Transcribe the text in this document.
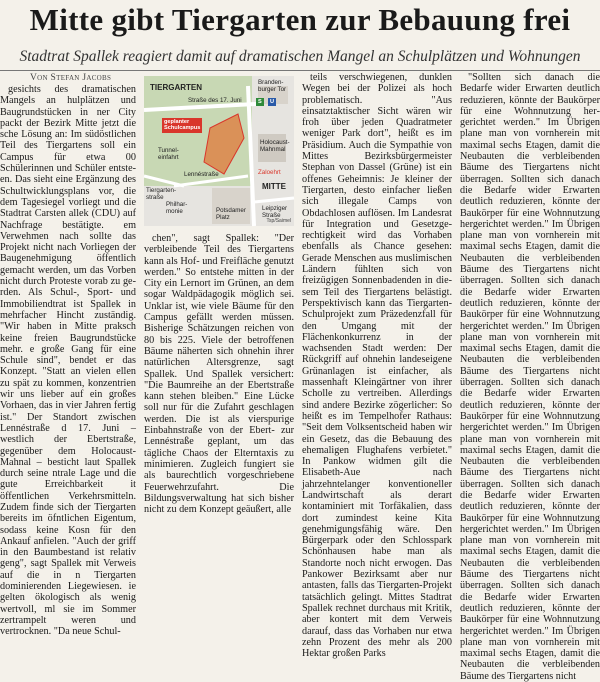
Mitte gibt Tiergarten zur Bebauung frei
Stadtrat Spallek reagiert damit auf dramatischen Mangel an Schulplätzen und Wohnungen
Von Stefan Jacobs

gesichts des dramatischen Mangels an hulplätzen und Baugrundstücken in ner City packt der Bezirk Mitte jetzt die sche Lösung an: Im südöstlichen Teil des Tiergartens soll ein Campus für etwa 00 Schülerinnen und Schüler entsteen. Das sieht eine Ergänzung des Schultwicklungsplans vor, die dem Tagesiegel vorliegt und die Stadtrat Carsten allek (CDU) auf Nachfrage bestätigte. em Verwehmen nach sollte das Projekt nicht nach Vorliegen der Baugenehmigung öffentlich gemacht werden, um das Vorben nicht durch Proteste vorab zu gerden. Als Schul-, Sport- und Immobiliendtrat ist Spallek in mehrfacher Hincht zuständig. "Wir haben in Mitte praksch keine freien Baugrundstücke mehr. e große Gang für eine Schule sind", bendet er das Konzept. "Statt an vielen ellen zu spät zu kommen, konzentrien wir uns lieber auf ein großes Vorhaen, das in vier Jahren fertig ist." Der Standort zwischen Lennéstraße d 17. Juni – westlich der Ebertstraße, gegenüber dem Holocaust-Mahnal – besticht laut Spallek durch seine ntrale Lage und die gute Erreichbarkeit it öffentlichen Verkehrsmitteln. Zudem finde sich der Tiergarten bereits im öfntlichen Eigentum, sodass keine Kosn für den Ankauf anfielen. "Auch der griff in den Baumbestand ist relativ geng", sagt Spallek mit Verweis auf die in n Tiergarten dominierenden Liegewiesen. ie gelten ökologisch als wenig wertvoll, ml sie im Sommer zertrampelt weren und vertrocknen. "Da neue Schul-

TIERGARTEN
Straße des 17. Juni
Branden-
burger Tor
geplanter
Schulcampus
Tunnel-
einfahrt
Lennéstraße
Holocaust-
Mahnmal
Zaloehrt
Tiergarten-
straße
Philhar-
monie	Potsdamer
Platz
MITTE
Leipziger
Straße
S	U
Tsp/Saimel

chen", sagt Spallek: "Der verbleibende Teil des Tiergartens kann als Hof- und Freifläche genutzt werden." So entstehe mitten in der City ein Lernort im Grünen, an dem sogar Waldpädagogik möglich sei. Unklar ist, wie viele Bäume für den Campus gefällt werden müssen. Bisherige Schätzungen reichen von 80 bis 225. Viele der betroffenen Bäume näherten sich ohnehin ihrer natürlichen Altersgrenze, sagt Spallek. Und Spallek versichert: "Die Baumreihe an der Ebertstraße kann stehen bleiben." Eine Lücke soll nur für die Zufahrt geschlagen werden. Die ist als vierspurige Einbahnstraße von der Ebert- zur Lennéstraße geplant, um das tägliche Chaos der Elterntaxis zu minimieren. Zugleich fungiert sie als baurechtlich vorgeschriebene Feuerwehrzufahrt. Die Bildungsverwaltung hat sich bisher nicht zu dem Konzept geäußert, alle

teils verschwiegenen, dunklen Wegen bei der Polizei als hoch problematisch. "Aus einsatztaktischer Sicht wären wir froh über jeden Quadratmeter weniger Park dort", heißt es im Präsidium. Auch die Sympathie von Mittes Bezirksbürgermeister Stephan von Dassel (Grüne) ist ein offenes Geheimnis: Je kleiner der Tiergarten, desto einfacher ließen sich illegale Camps von Obdachlosen auflösen. Im Landesrat für Integration und Gesetzgerechtigkeit wird das Vorhaben ebenfalls als Chance gesehen: Gerade Menschen aus muslimischen Ländern fühlten sich von freizügigen Sonnenbadenden in diesem Teil des Tiergartens belästigt. Perspektivisch kann das Tiergarten-Schulprojekt zum Präzedenzfall für den Umgang mit der Flächenkonkurrenz in der wachsenden Stadt werden: Der Rückgriff auf ohnehin landeseigene Grünanlagen ist einfacher, als massenhaft Kleingärtner von ihrer Scholle zu vertreiben. Allerdings sind andere Bezirke zögerlicher: So heißt es im Tempelhofer Rathaus: "Seit dem Volksentscheid haben wir ein Gesetz, das die Bebauung des ehemaligen Flughafens verbietet." In Pankow widmen gilt die Elisabeth-Aue nach jahrzehntelanger konventioneller Landwirtschaft als derart kontaminiert mit Torfäkalien, dass dort zumindest keine Kita genehmigungsfähig wäre. Den Bürgerpark oder den Schlosspark Schönhausen habe man als Standorte noch nicht erwogen. Das Pankower Bezirksamt aber nur antasten, falls das Tiergarten-Projekt tatsächlich gelingt. Mittes Stadtrat Spallek rechnet durchaus mit Kritik, aber kontert mit dem Verweis darauf, dass das Vorhaben nur etwa zehn Prozent des mehr als 200 Hektar großen Parks

"Sollten sich danach die Bedarfe wider Erwarten deutlich reduzieren, könnte der Baukörper für eine Wohnnutzung hergerichtet werden." Im Übrigen plane man von vornherein mit maximal sechs Etagen, damit die Neubauten die verbleibenden Bäume des Tiergartens nicht überragen. Sollten sich danach die Bedarfe wider Erwarten deutlich reduzieren, könnte der Baukörper für eine Wohnnutzung hergerichtet werden." Im Übrigen plane man von vornherein mit maximal sechs Etagen, damit die Neubauten die verbleibenden Bäume des Tiergartens nicht überragen. Sollten sich danach die Bedarfe wider Erwarten deutlich reduzieren, könnte der Baukörper für eine Wohnnutzung hergerichtet werden." Im Übrigen plane man von vornherein mit maximal sechs Etagen, damit die Neubauten die verbleibenden Bäume des Tiergartens nicht überragen. Sollten sich danach die Bedarfe wider Erwarten deutlich reduzieren, könnte der Baukörper für eine Wohnnutzung hergerichtet werden." Im Übrigen plane man von vornherein mit maximal sechs Etagen, damit die Neubauten die verbleibenden Bäume des Tiergartens nicht überragen. Sollten sich danach die Bedarfe wider Erwarten deutlich reduzieren, könnte der Baukörper für eine Wohnnutzung hergerichtet werden." Im Übrigen plane man von vornherein mit maximal sechs Etagen, damit die Neubauten die verbleibenden Bäume des Tiergartens nicht überragen. Sollten sich danach die Bedarfe wider Erwarten deutlich reduzieren, könnte der Baukörper für eine Wohnnutzung hergerichtet werden." Im Übrigen plane man von vornherein mit maximal sechs Etagen, damit die Neubauten die verbleibenden Bäume des Tiergartens nicht
